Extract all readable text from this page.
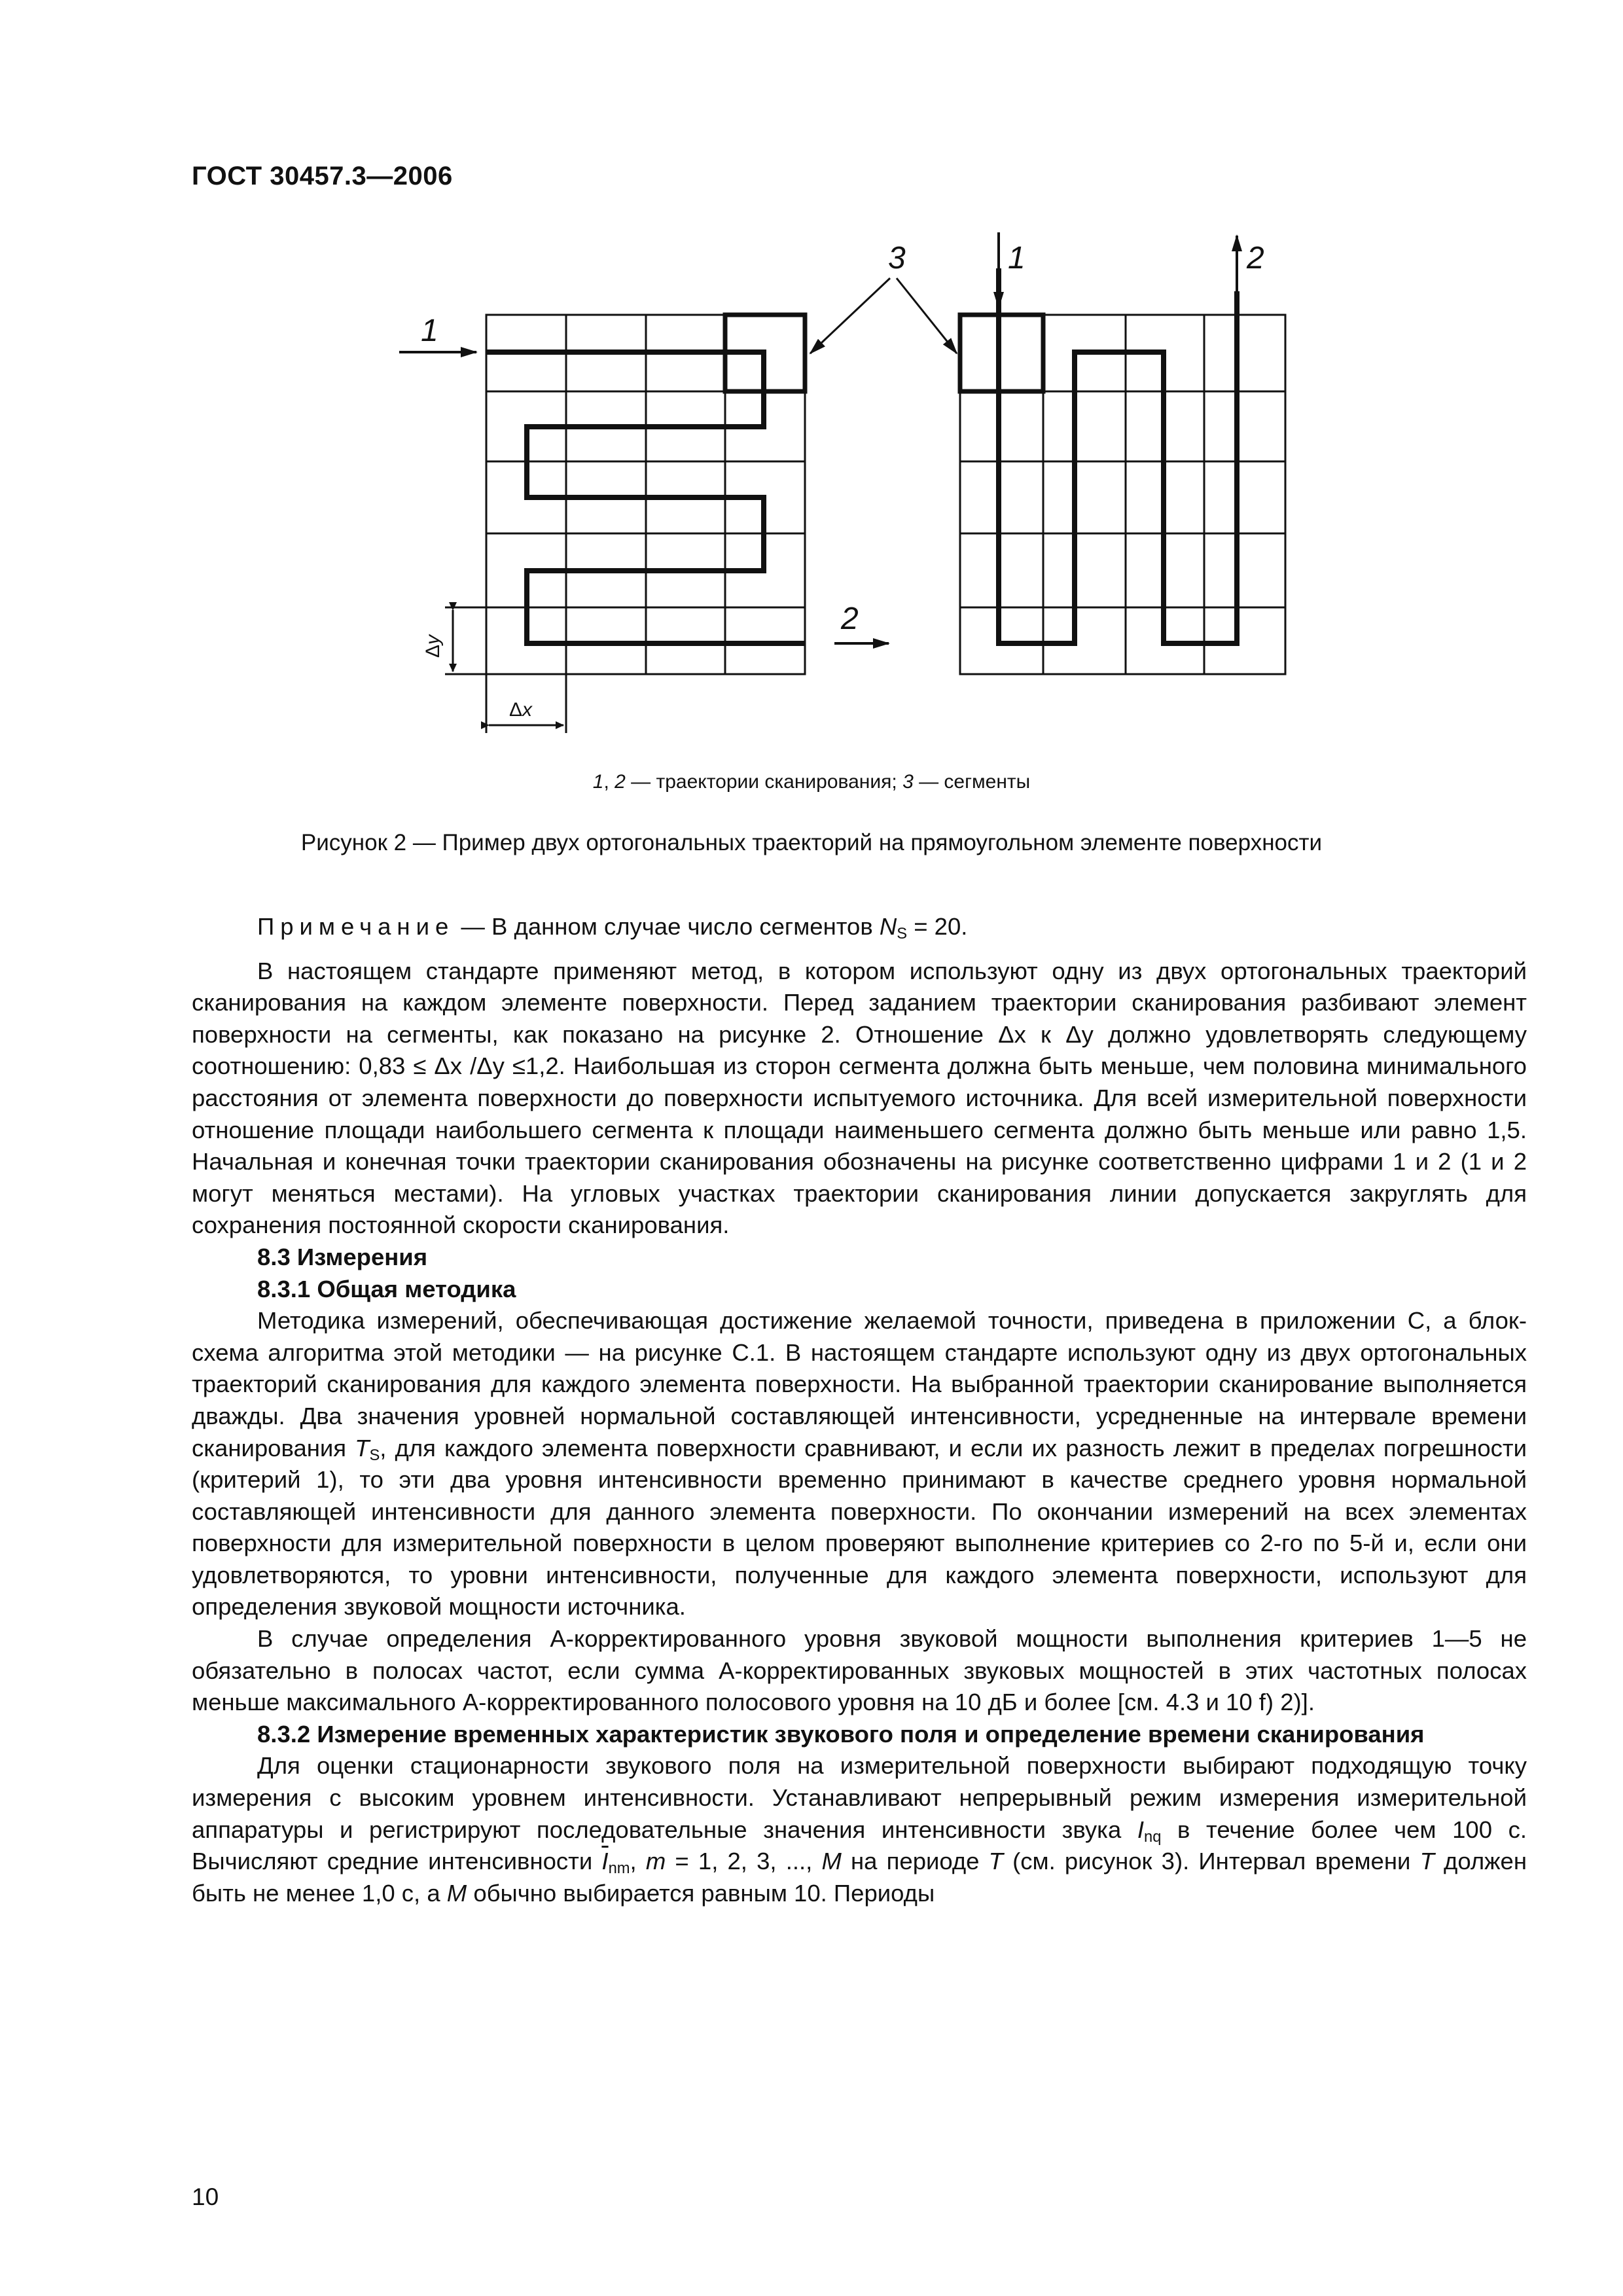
ГОСТ 30457.3—2006
3
1
2
1	2
Δx
Δy
1, 2 — траектории сканирования; 3 — сегменты
Рисунок 2 — Пример двух ортогональных траекторий на прямоугольном элементе поверхности

Примечание — В данном случае число сегментов $N_S = 20$.

В настоящем стандарте применяют метод, в котором используют одну из двух ортогональных траекторий сканирования на каждом элементе поверхности. Перед заданием траектории сканирования разбивают элемент поверхности на сегменты, как показано на рисунке 2. Отношение Δx к Δy должно удовлетворять следующему соотношению: 0,83 ≤ Δx /Δy ≤1,2. Наибольшая из сторон сегмента должна быть меньше, чем половина минимального расстояния от элемента поверхности до поверхности испытуемого источника. Для всей измерительной поверхности отношение площади наибольшего сегмента к площади наименьшего сегмента должно быть меньше или равно 1,5. Начальная и конечная точки траектории сканирования обозначены на рисунке соответственно цифрами 1 и 2 (1 и 2 могут меняться местами). На угловых участках траектории сканирования линии допускается закруглять для сохранения постоянной скорости сканирования.

8.3 Измерения

8.3.1 Общая методика

Методика измерений, обеспечивающая достижение желаемой точности, приведена в приложении С, а блок-схема алгоритма этой методики — на рисунке С.1. В настоящем стандарте используют одну из двух ортогональных траекторий сканирования для каждого элемента поверхности. На выбранной траектории сканирование выполняется дважды. Два значения уровней нормальной составляющей интенсивности, усредненные на интервале времени сканирования $T_S$, для каждого элемента поверхности сравнивают, и если их разность лежит в пределах погрешности (критерий 1), то эти два уровня интенсивности временно принимают в качестве среднего уровня нормальной составляющей интенсивности для данного элемента поверхности. По окончании измерений на всех элементах поверхности для измерительной поверхности в целом проверяют выполнение критериев со 2-го по 5-й и, если они удовлетворяются, то уровни интенсивности, полученные для каждого элемента поверхности, используют для определения звуковой мощности источника.

В случае определения А-корректированного уровня звуковой мощности выполнения критериев 1—5 не обязательно в полосах частот, если сумма А-корректированных звуковых мощностей в этих частотных полосах меньше максимального А-корректированного полосового уровня на 10 дБ и более [см. 4.3 и 10 f) 2)].

8.3.2 Измерение временных характеристик звукового поля и определение времени сканирования

Для оценки стационарности звукового поля на измерительной поверхности выбирают подходящую точку измерения с высоким уровнем интенсивности. Устанавливают непрерывный режим измерения измерительной аппаратуры и регистрируют последовательные значения интенсивности звука $I_{nq}$ в течение более чем 100 с. Вычисляют средние интенсивности $\overline{I}_{nm}$, m = 1, 2, 3, ..., M на периоде T (см. рисунок 3). Интервал времени T должен быть не менее 1,0 с, а M обычно выбирается равным 10. Периоды

10
